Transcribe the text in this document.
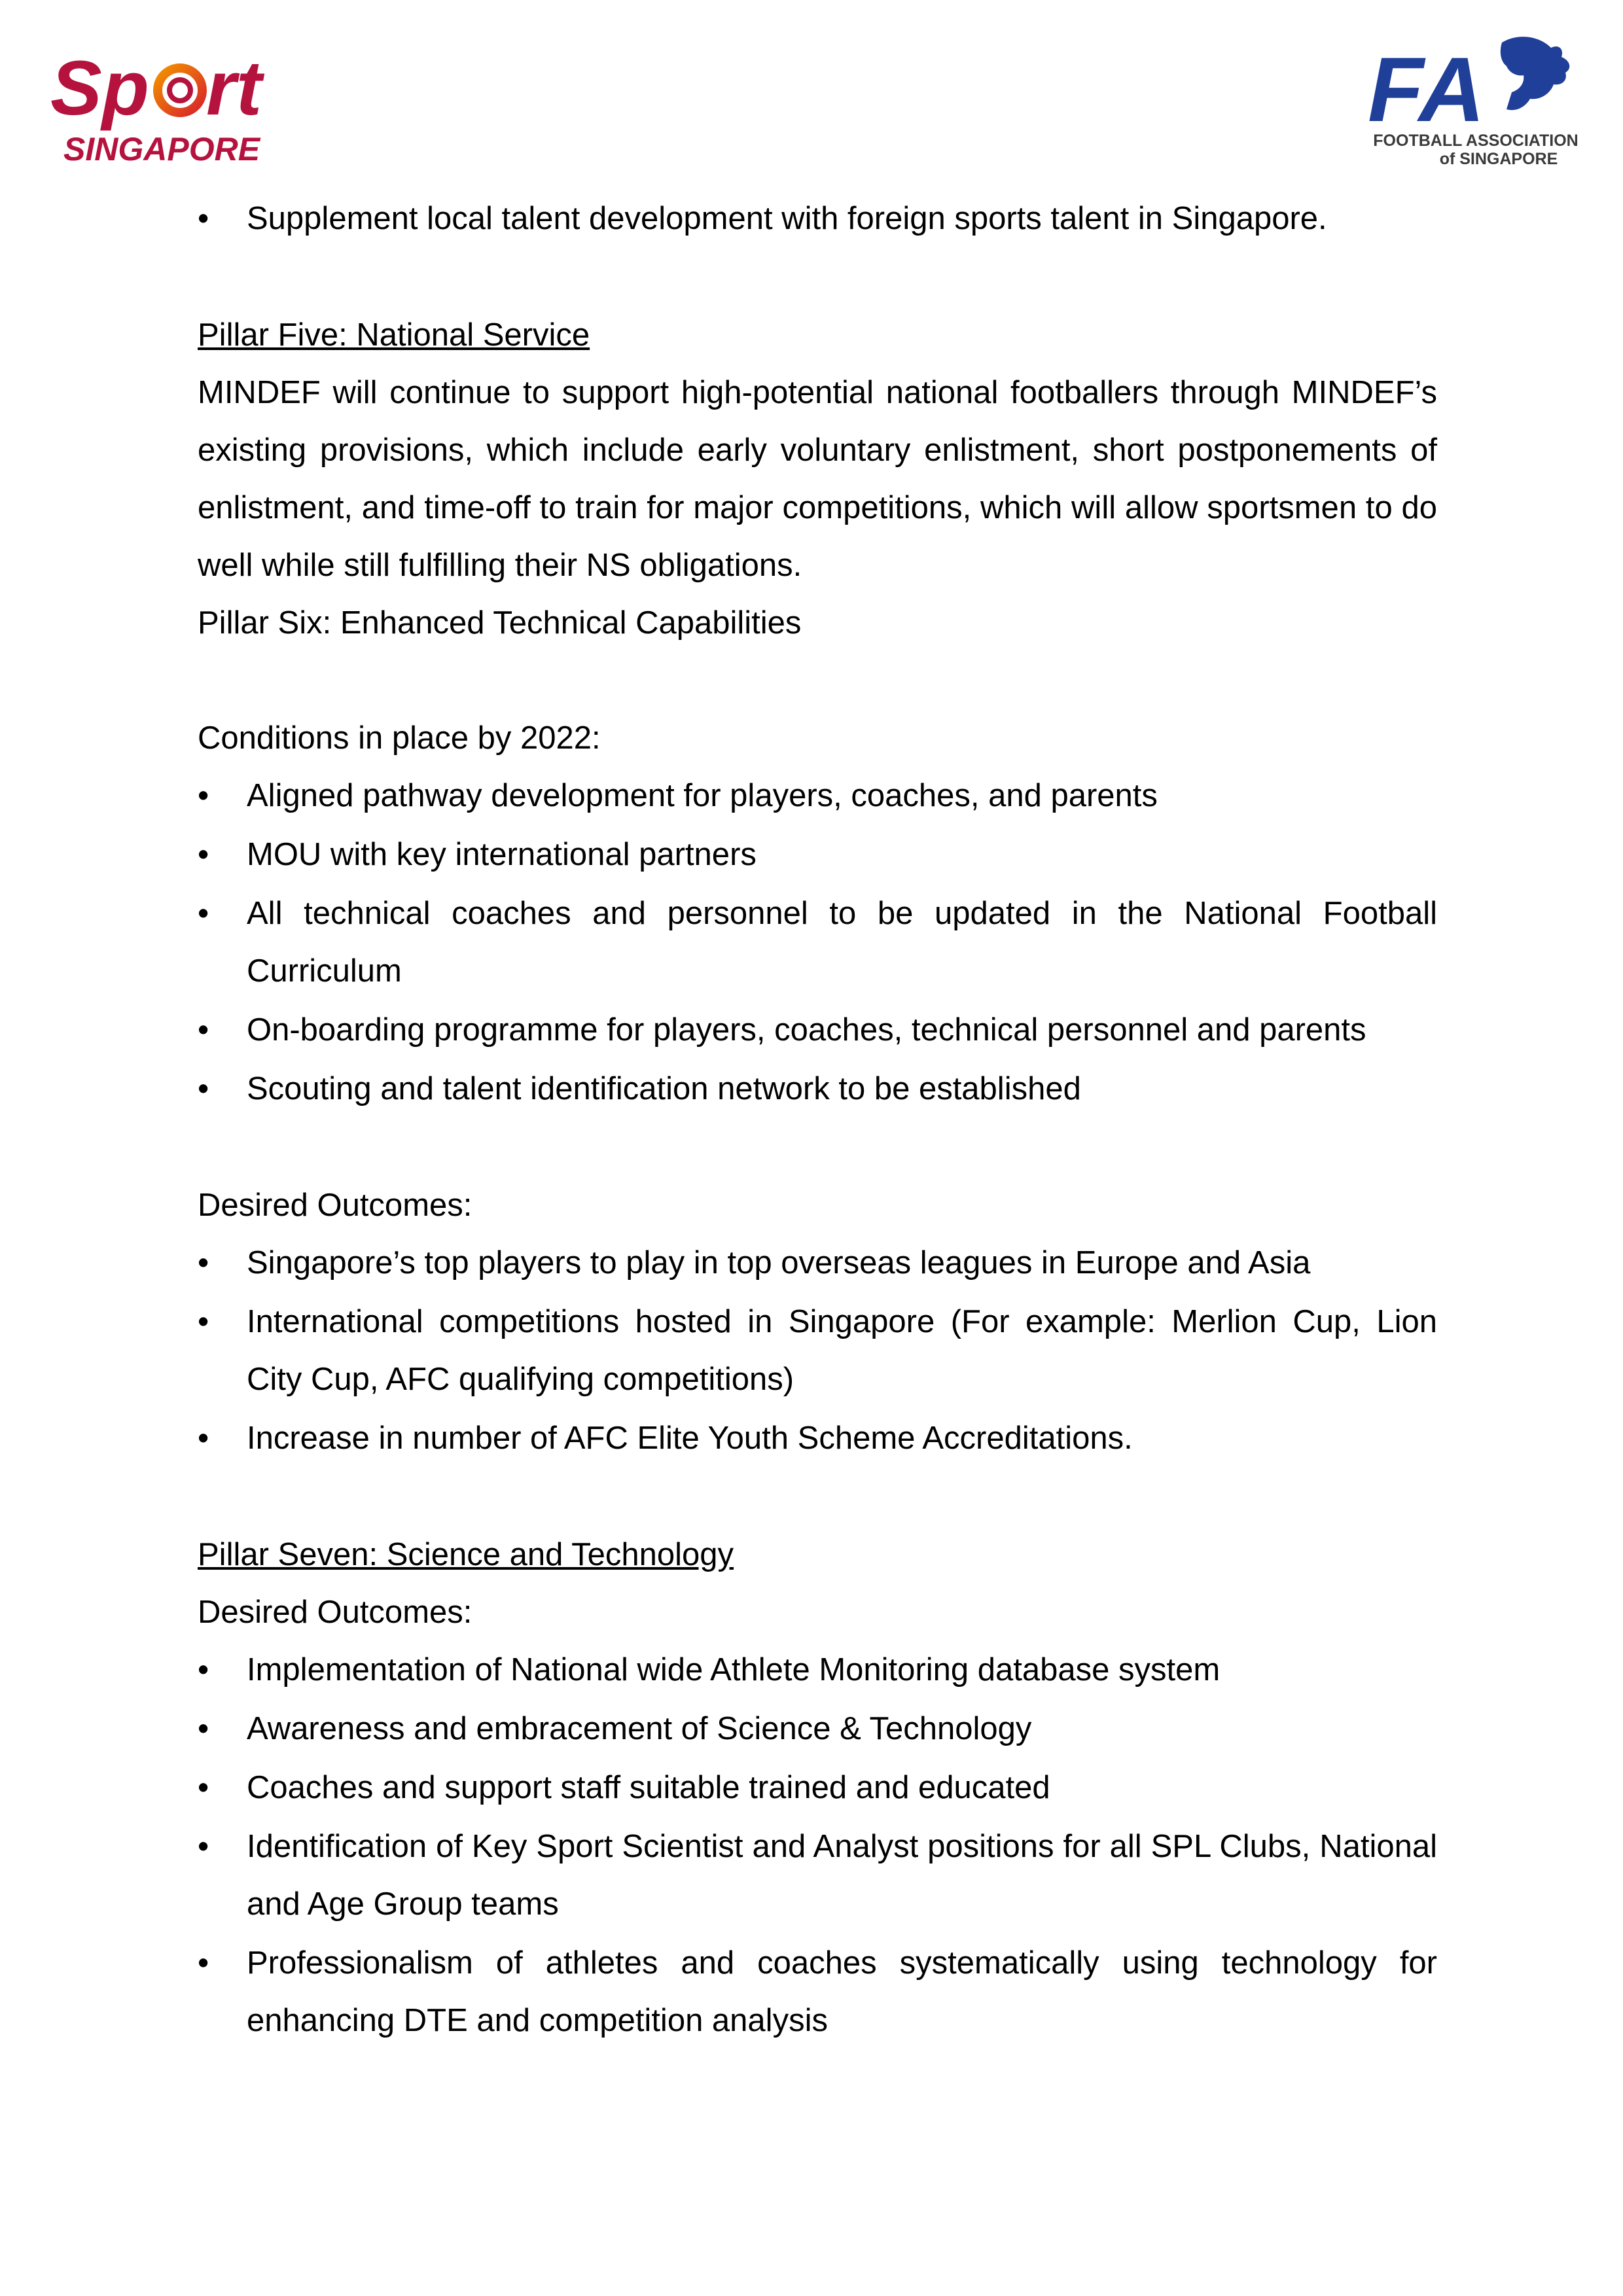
Sp rt
SINGAPORE
FA
FOOTBALL ASSOCIATION
of SINGAPORE
• Supplement local talent development with foreign sports talent in Singapore.

Pillar Five: National Service

MINDEF will continue to support high-potential national footballers through MINDEF’s existing provisions, which include early voluntary enlistment, short postponements of enlistment, and time-off to train for major competitions, which will allow sportsmen to do well while still fulfilling their NS obligations.

Pillar Six: Enhanced Technical Capabilities

Conditions in place by 2022:

• Aligned pathway development for players, coaches, and parents
• MOU with key international partners
• All technical coaches and personnel to be updated in the National Football Curriculum
• On-boarding programme for players, coaches, technical personnel and parents
• Scouting and talent identification network to be established

Desired Outcomes:

• Singapore’s top players to play in top overseas leagues in Europe and Asia
• International competitions hosted in Singapore (For example: Merlion Cup, Lion City Cup, AFC qualifying competitions)
• Increase in number of AFC Elite Youth Scheme Accreditations.

Pillar Seven: Science and Technology

Desired Outcomes:

• Implementation of National wide Athlete Monitoring database system
• Awareness and embracement of Science & Technology
• Coaches and support staff suitable trained and educated
• Identification of Key Sport Scientist and Analyst positions for all SPL Clubs, National and Age Group teams
• Professionalism of athletes and coaches systematically using technology for enhancing DTE and competition analysis
